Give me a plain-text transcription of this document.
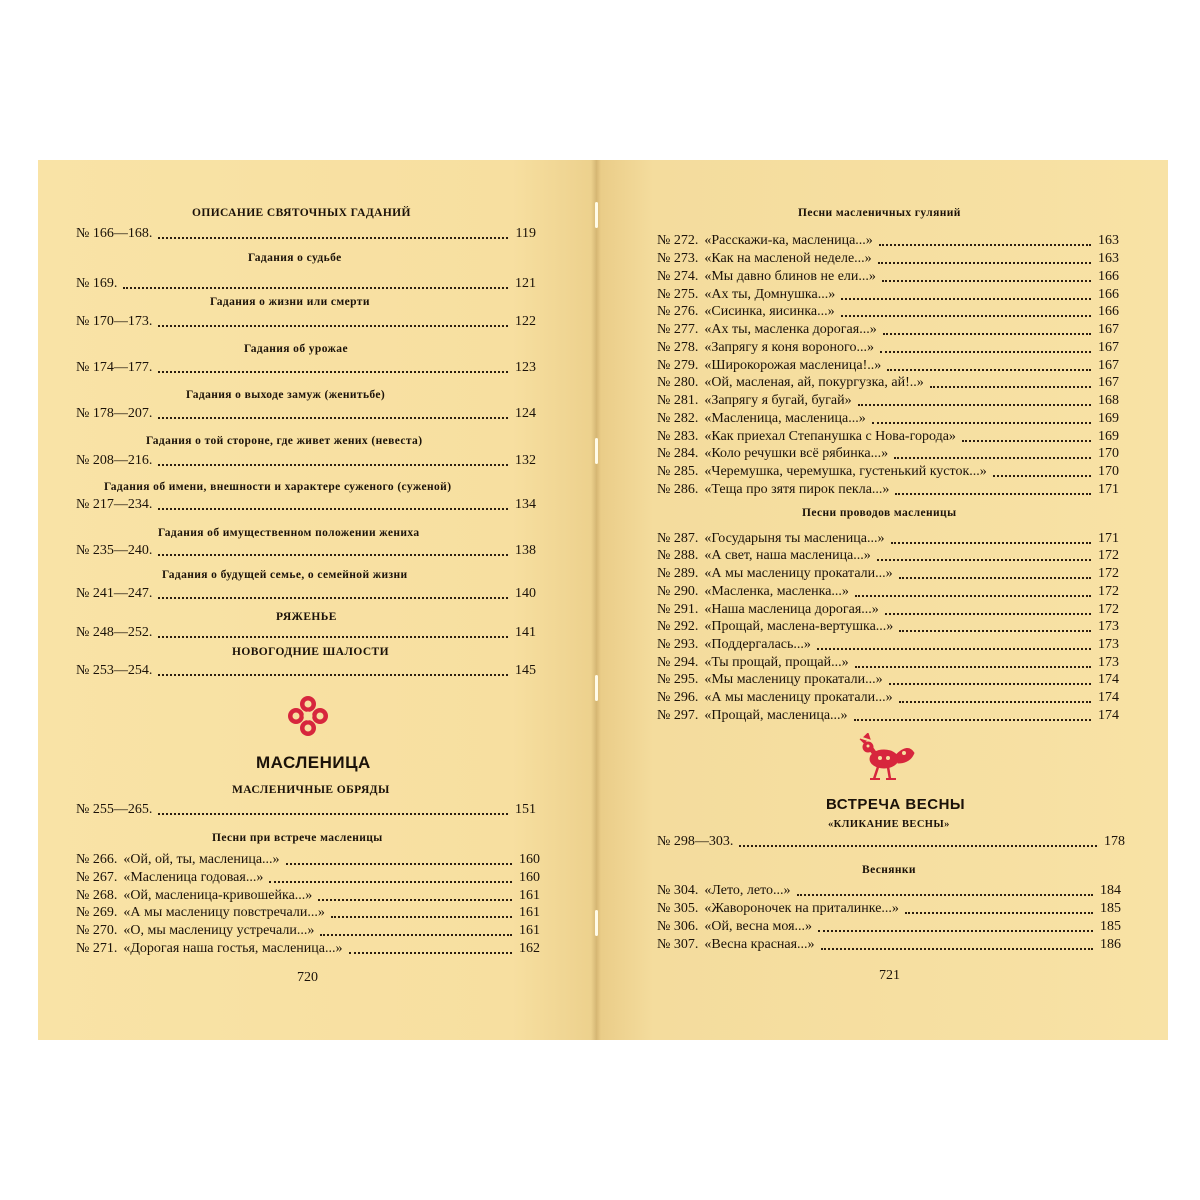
ОПИСАНИЕ СВЯТОЧНЫХ ГАДАНИЙ
№ 166—168.	119
Гадания о судьбе
№ 169.	121
Гадания о жизни или смерти
№ 170—173.	122
Гадания об урожае
№ 174—177.	123
Гадания о выходе замуж (женитьбе)
№ 178—207.	124
Гадания о той стороне, где живет жених (невеста)
№ 208—216.	132
Гадания об имени, внешности и характере суженого (суженой)
№ 217—234.	134
Гадания об имущественном положении жениха
№ 235—240.	138
Гадания о будущей семье, о семейной жизни
№ 241—247.	140
РЯЖЕНЬЕ
№ 248—252.	141
НОВОГОДНИЕ ШАЛОСТИ
№ 253—254.	145
МАСЛЕНИЦА
МАСЛЕНИЧНЫЕ ОБРЯДЫ
№ 255—265.	151
Песни при встрече масленицы
№ 266. «Ой, ой, ты, масленица...»	160
№ 267. «Масленица годовая...»	160
№ 268. «Ой, масленица-кривошейка...»	161
№ 269. «А мы масленицу повстречали...»	161
№ 270. «О, мы масленицу устречали...»	161
№ 271. «Дорогая наша гостья, масленица...»	162
720
Песни масленичных гуляний
№ 272. «Расскажи-ка, масленица...»	163
№ 273. «Как на масленой неделе...»	163
№ 274. «Мы давно блинов не ели...»	166
№ 275. «Ах ты, Домнушка...»	166
№ 276. «Сисинка, яисинка...»	166
№ 277. «Ах ты, масленка дорогая...»	167
№ 278. «Запрягу я коня вороного...»	167
№ 279. «Широкорожая масленица!..»	167
№ 280. «Ой, масленая, ай, покургузка, ай!..»	167
№ 281. «Запрягу я бугай, бугай»	168
№ 282. «Масленица, масленица...»	169
№ 283. «Как приехал Степанушка с Нова-города»	169
№ 284. «Коло речушки всё рябинка...»	170
№ 285. «Черемушка, черемушка, густенький кусток...»	170
№ 286. «Теща про зятя пирок пекла...»	171
Песни проводов масленицы
№ 287. «Государыня ты масленица...»	171
№ 288. «А свет, наша масленица...»	172
№ 289. «А мы масленицу прокатали...»	172
№ 290. «Масленка, масленка...»	172
№ 291. «Наша масленица дорогая...»	172
№ 292. «Прощай, маслена-вертушка...»	173
№ 293. «Поддергалась...»	173
№ 294. «Ты прощай, прощай...»	173
№ 295. «Мы масленицу прокатали...»	174
№ 296. «А мы масленицу прокатали...»	174
№ 297. «Прощай, масленица...»	174
ВСТРЕЧА ВЕСНЫ
«КЛИКАНИЕ ВЕСНЫ»
№ 298—303.	178
Веснянки
№ 304. «Лето, лето...»	184
№ 305. «Жавороночек на приталинке...»	185
№ 306. «Ой, весна моя...»	185
№ 307. «Весна красная...»	186
721
